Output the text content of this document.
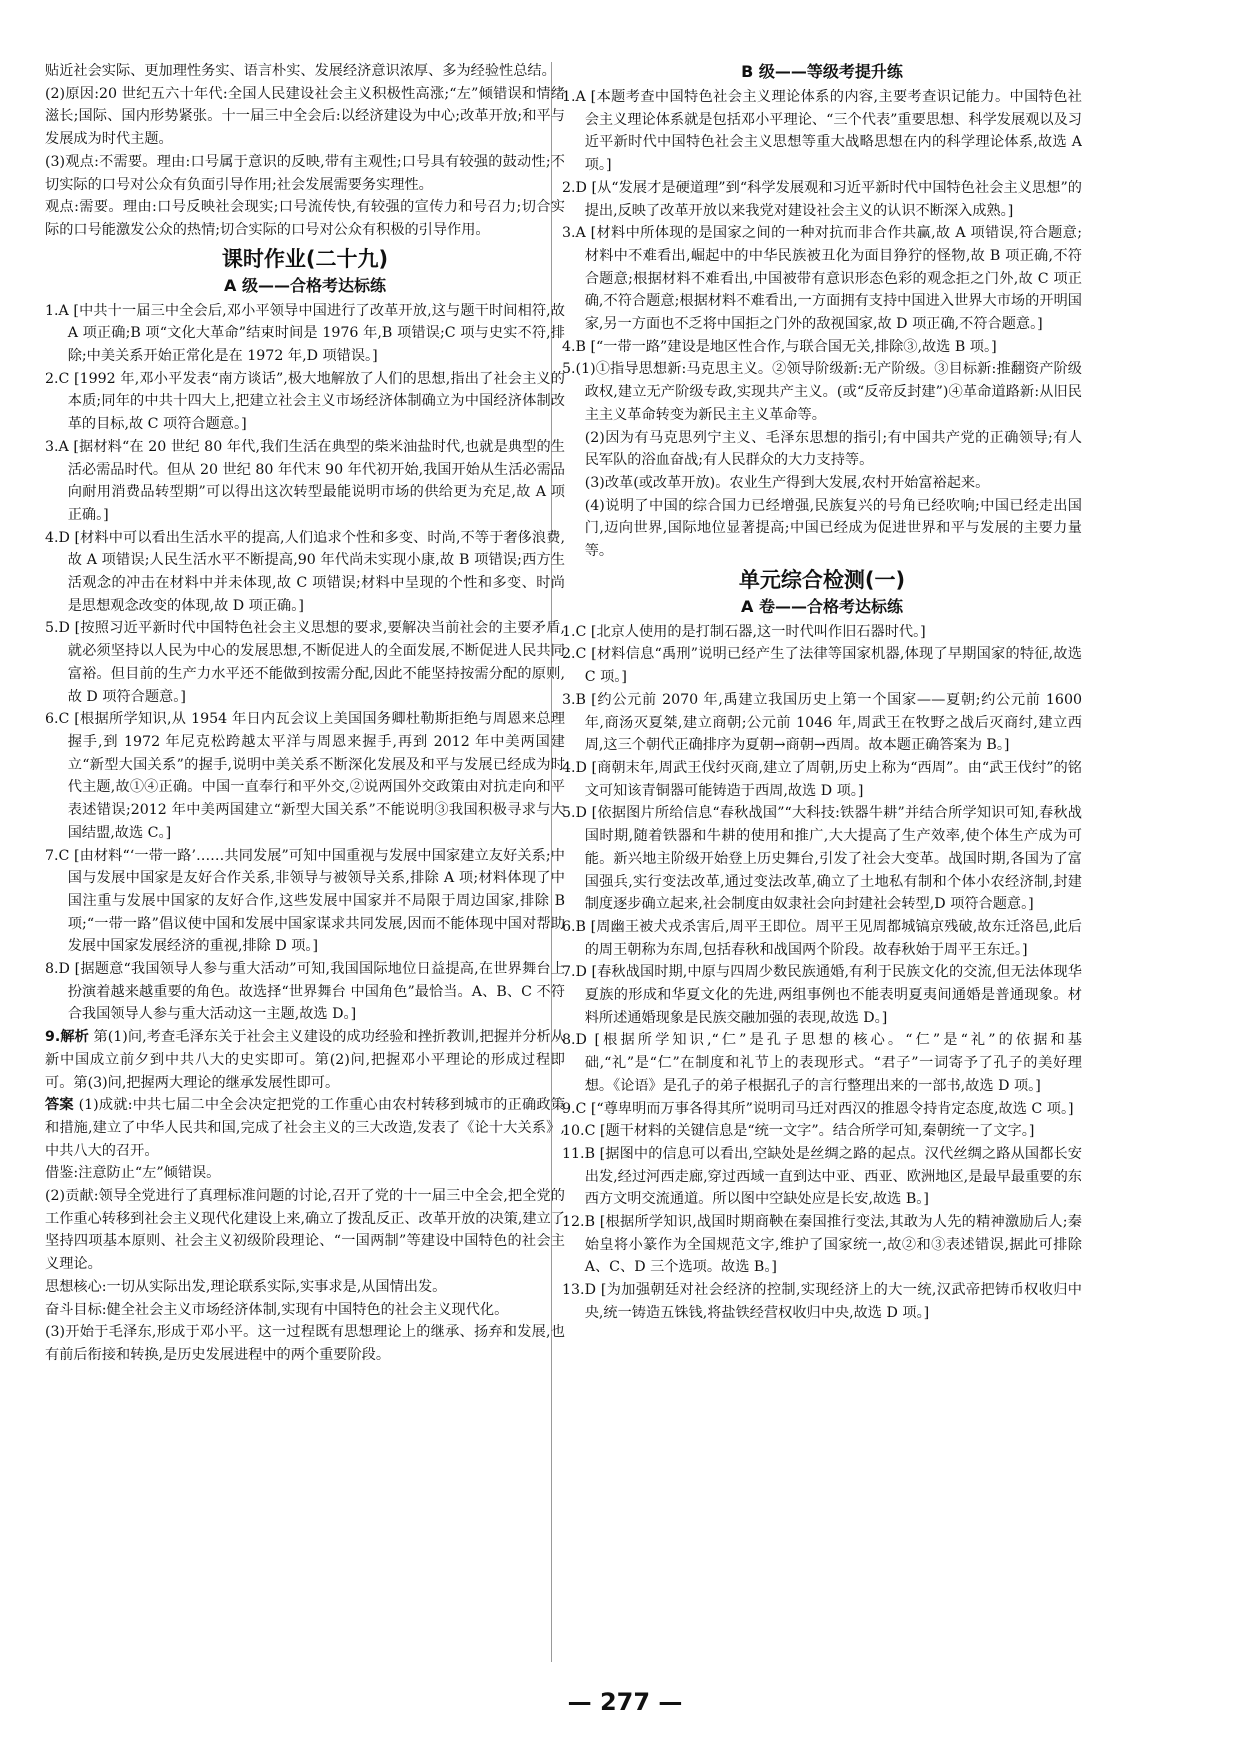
贴近社会实际、更加理性务实、语言朴实、发展经济意识浓厚、多为经验性总结。

(2)原因:20 世纪五六十年代:全国人民建设社会主义积极性高涨;“左”倾错误和情绪滋长;国际、国内形势紧张。十一届三中全会后:以经济建设为中心;改革开放;和平与发展成为时代主题。

(3)观点:不需要。理由:口号属于意识的反映,带有主观性;口号具有较强的鼓动性;不切实际的口号对公众有负面引导作用;社会发展需要务实理性。

观点:需要。理由:口号反映社会现实;口号流传快,有较强的宣传力和号召力;切合实际的口号能激发公众的热情;切合实际的口号对公众有积极的引导作用。

课时作业(二十九)
A 级——合格考达标练

1.A [中共十一届三中全会后,邓小平领导中国进行了改革开放,这与题干时间相符,故 A 项正确;B 项“文化大革命”结束时间是 1976 年,B 项错误;C 项与史实不符,排除;中美关系开始正常化是在 1972 年,D 项错误。]

2.C [1992 年,邓小平发表“南方谈话”,极大地解放了人们的思想,指出了社会主义的本质;同年的中共十四大上,把建立社会主义市场经济体制确立为中国经济体制改革的目标,故 C 项符合题意。]

3.A [据材料“在 20 世纪 80 年代,我们生活在典型的柴米油盐时代,也就是典型的生活必需品时代。但从 20 世纪 80 年代末 90 年代初开始,我国开始从生活必需品向耐用消费品转型期”可以得出这次转型最能说明市场的供给更为充足,故 A 项正确。]

4.D [材料中可以看出生活水平的提高,人们追求个性和多变、时尚,不等于奢侈浪费,故 A 项错误;人民生活水平不断提高,90 年代尚未实现小康,故 B 项错误;西方生活观念的冲击在材料中并未体现,故 C 项错误;材料中呈现的个性和多变、时尚是思想观念改变的体现,故 D 项正确。]

5.D [按照习近平新时代中国特色社会主义思想的要求,要解决当前社会的主要矛盾,就必须坚持以人民为中心的发展思想,不断促进人的全面发展,不断促进人民共同富裕。但目前的生产力水平还不能做到按需分配,因此不能坚持按需分配的原则,故 D 项符合题意。]

6.C [根据所学知识,从 1954 年日内瓦会议上美国国务卿杜勒斯拒绝与周恩来总理握手,到 1972 年尼克松跨越太平洋与周恩来握手,再到 2012 年中美两国建立“新型大国关系”的握手,说明中美关系不断深化发展及和平与发展已经成为时代主题,故①④正确。中国一直奉行和平外交,②说两国外交政策由对抗走向和平表述错误;2012 年中美两国建立“新型大国关系”不能说明③我国积极寻求与大国结盟,故选 C。]

7.C [由材料“‘一带一路’……共同发展”可知中国重视与发展中国家建立友好关系;中国与发展中国家是友好合作关系,非领导与被领导关系,排除 A 项;材料体现了中国注重与发展中国家的友好合作,这些发展中国家并不局限于周边国家,排除 B 项;“一带一路”倡议使中国和发展中国家谋求共同发展,因而不能体现中国对帮助发展中国家发展经济的重视,排除 D 项。]

8.D [据题意“我国领导人参与重大活动”可知,我国国际地位日益提高,在世界舞台上扮演着越来越重要的角色。故选择“世界舞台 中国角色”最恰当。A、B、C 不符合我国领导人参与重大活动这一主题,故选 D。]

9.解析 第(1)问,考查毛泽东关于社会主义建设的成功经验和挫折教训,把握并分析从新中国成立前夕到中共八大的史实即可。第(2)问,把握邓小平理论的形成过程即可。第(3)问,把握两大理论的继承发展性即可。

答案 (1)成就:中共七届二中全会决定把党的工作重心由农村转移到城市的正确政策和措施,建立了中华人民共和国,完成了社会主义的三大改造,发表了《论十大关系》,中共八大的召开。

借鉴:注意防止“左”倾错误。

(2)贡献:领导全党进行了真理标准问题的讨论,召开了党的十一届三中全会,把全党的工作重心转移到社会主义现代化建设上来,确立了拨乱反正、改革开放的决策,建立了坚持四项基本原则、社会主义初级阶段理论、“一国两制”等建设中国特色的社会主义理论。

思想核心:一切从实际出发,理论联系实际,实事求是,从国情出发。

奋斗目标:健全社会主义市场经济体制,实现有中国特色的社会主义现代化。

(3)开始于毛泽东,形成于邓小平。这一过程既有思想理论上的继承、扬弃和发展,也有前后衔接和转换,是历史发展进程中的两个重要阶段。

B 级——等级考提升练

1.A [本题考查中国特色社会主义理论体系的内容,主要考查识记能力。中国特色社会主义理论体系就是包括邓小平理论、“三个代表”重要思想、科学发展观以及习近平新时代中国特色社会主义思想等重大战略思想在内的科学理论体系,故选 A 项。]

2.D [从“发展才是硬道理”到“科学发展观和习近平新时代中国特色社会主义思想”的提出,反映了改革开放以来我党对建设社会主义的认识不断深入成熟。]

3.A [材料中所体现的是国家之间的一种对抗而非合作共赢,故 A 项错误,符合题意;材料中不难看出,崛起中的中华民族被丑化为面目狰狞的怪物,故 B 项正确,不符合题意;根据材料不难看出,中国被带有意识形态色彩的观念拒之门外,故 C 项正确,不符合题意;根据材料不难看出,一方面拥有支持中国进入世界大市场的开明国家,另一方面也不乏将中国拒之门外的敌视国家,故 D 项正确,不符合题意。]

4.B [“一带一路”建设是地区性合作,与联合国无关,排除③,故选 B 项。]

5.(1)①指导思想新:马克思主义。②领导阶级新:无产阶级。③目标新:推翻资产阶级政权,建立无产阶级专政,实现共产主义。(或“反帝反封建”)④革命道路新:从旧民主主义革命转变为新民主主义革命等。

(2)因为有马克思列宁主义、毛泽东思想的指引;有中国共产党的正确领导;有人民军队的浴血奋战;有人民群众的大力支持等。

(3)改革(或改革开放)。农业生产得到大发展,农村开始富裕起来。

(4)说明了中国的综合国力已经增强,民族复兴的号角已经吹响;中国已经走出国门,迈向世界,国际地位显著提高;中国已经成为促进世界和平与发展的主要力量等。

单元综合检测(一)
A 卷——合格考达标练

1.C [北京人使用的是打制石器,这一时代叫作旧石器时代。]

2.C [材料信息“禹刑”说明已经产生了法律等国家机器,体现了早期国家的特征,故选 C 项。]

3.B [约公元前 2070 年,禹建立我国历史上第一个国家——夏朝;约公元前 1600 年,商汤灭夏桀,建立商朝;公元前 1046 年,周武王在牧野之战后灭商纣,建立西周,这三个朝代正确排序为夏朝→商朝→西周。故本题正确答案为 B。]

4.D [商朝末年,周武王伐纣灭商,建立了周朝,历史上称为“西周”。由“武王伐纣”的铭文可知该青铜器可能铸造于西周,故选 D 项。]

5.D [依据图片所给信息“春秋战国”“大科技:铁器牛耕”并结合所学知识可知,春秋战国时期,随着铁器和牛耕的使用和推广,大大提高了生产效率,使个体生产成为可能。新兴地主阶级开始登上历史舞台,引发了社会大变革。战国时期,各国为了富国强兵,实行变法改革,通过变法改革,确立了土地私有制和个体小农经济制,封建制度逐步确立起来,社会制度由奴隶社会向封建社会转型,D 项符合题意。]

6.B [周幽王被犬戎杀害后,周平王即位。周平王见周都城镐京残破,故东迁洛邑,此后的周王朝称为东周,包括春秋和战国两个阶段。故春秋始于周平王东迁。]

7.D [春秋战国时期,中原与四周少数民族通婚,有利于民族文化的交流,但无法体现华夏族的形成和华夏文化的先进,两组事例也不能表明夏夷间通婚是普通现象。材料所述通婚现象是民族交融加强的表现,故选 D。]

8.D [根据所学知识,“仁”是孔子思想的核心。“仁”是“礼”的依据和基础,“礼”是“仁”在制度和礼节上的表现形式。“君子”一词寄予了孔子的美好理想。《论语》是孔子的弟子根据孔子的言行整理出来的一部书,故选 D 项。]

9.C [“尊卑明而万事各得其所”说明司马迁对西汉的推恩令持肯定态度,故选 C 项。]

10.C [题干材料的关键信息是“统一文字”。结合所学可知,秦朝统一了文字。]

11.B [据图中的信息可以看出,空缺处是丝绸之路的起点。汉代丝绸之路从国都长安出发,经过河西走廊,穿过西域一直到达中亚、西亚、欧洲地区,是最早最重要的东西方文明交流通道。所以图中空缺处应是长安,故选 B。]

12.B [根据所学知识,战国时期商鞅在秦国推行变法,其敢为人先的精神激励后人;秦始皇将小篆作为全国规范文字,维护了国家统一,故②和③表述错误,据此可排除 A、C、D 三个选项。故选 B。]

13.D [为加强朝廷对社会经济的控制,实现经济上的大一统,汉武帝把铸币权收归中央,统一铸造五铢钱,将盐铁经营权收归中央,故选 D 项。]

— 277 —
